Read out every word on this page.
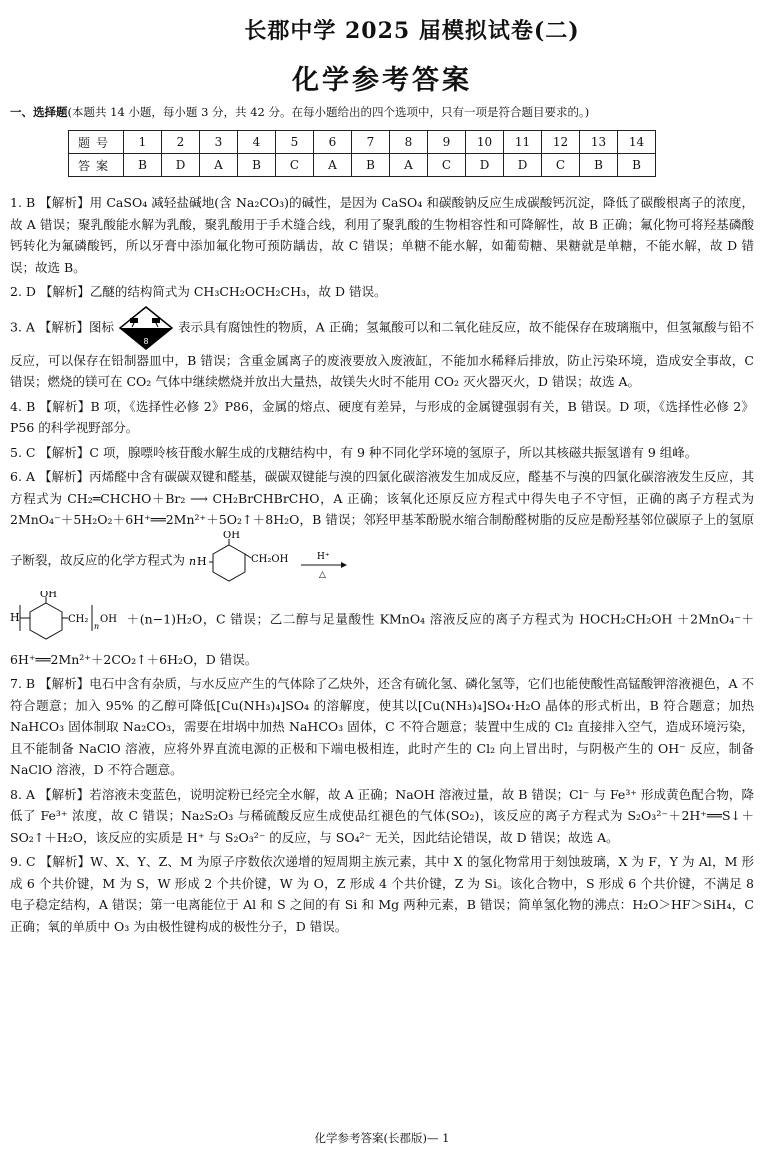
长郡中学 2025 届模拟试卷(二)
化学参考答案
一、选择题(本题共 14 小题，每小题 3 分，共 42 分。在每小题给出的四个选项中，只有一项是符合题目要求的。)
题号	1	2	3	4	5	6	7	8	9	10	11	12	13	14
答案	B	D	A	B	C	A	B	A	C	D	D	C	B	B

1. B 【解析】用 CaSO₄ 减轻盐碱地(含 Na₂CO₃)的碱性，是因为 CaSO₄ 和碳酸钠反应生成碳酸钙沉淀，降低了碳酸根离子的浓度，故 A 错误；聚乳酸能水解为乳酸，聚乳酸用于手术缝合线，利用了聚乳酸的生物相容性和可降解性，故 B 正确；氟化物可将羟基磷酸钙转化为氟磷酸钙，所以牙膏中添加氟化物可预防龋齿，故 C 错误；单糖不能水解，如葡萄糖、果糖就是单糖，不能水解，故 D 错误；故选 B。

2. D 【解析】乙醚的结构简式为 CH₃CH₂OCH₂CH₃，故 D 错误。

3. A 【解析】图标
8
表示具有腐蚀性的物质，A 正确；氢氟酸可以和二氧化硅反应，故不能保存在玻璃瓶中，但氢氟酸与铅不反应，可以保存在铅制器皿中，B 错误；含重金属离子的废液要放入废液缸，不能加水稀释后排放，防止污染环境，造成安全事故，C 错误；燃烧的镁可在 CO₂ 气体中继续燃烧并放出大量热，故镁失火时不能用 CO₂ 灭火器灭火，D 错误；故选 A。

4. B 【解析】B 项，《选择性必修 2》P86，金属的熔点、硬度有差异，与形成的金属键强弱有关，B 错误。D 项，《选择性必修 2》P56 的科学视野部分。

5. C 【解析】C 项，腺嘌呤核苷酸水解生成的戊糖结构中，有 9 种不同化学环境的氢原子，所以其核磁共振氢谱有 9 组峰。

6. A 【解析】丙烯醛中含有碳碳双键和醛基，碳碳双键能与溴的四氯化碳溶液发生加成反应，醛基不与溴的四氯化碳溶液发生反应，其方程式为 CH₂═CHCHO＋Br₂ ⟶ CH₂BrCHBrCHO，A 正确；该氧化还原反应方程式中得失电子不守恒，正确的离子方程式为 2MnO₄⁻＋5H₂O₂＋6H⁺══2Mn²⁺＋5O₂↑＋8H₂O，B 错误；邻羟甲基苯酚脱水缩合制酚醛树脂的反应是酚羟基邻位碳原子上的氢原子断裂，故反应的化学方程式为 n H
OH
CH₂OH	H⁺
△

H
OH
CH₂
n
OH ＋(n−1)H₂O，C 错误；乙二醇与足量酸性 KMnO₄ 溶液反应的离子方程式为 HOCH₂CH₂OH ＋2MnO₄⁻＋6H⁺══2Mn²⁺＋2CO₂↑＋6H₂O，D 错误。

7. B 【解析】电石中含有杂质，与水反应产生的气体除了乙炔外，还含有硫化氢、磷化氢等，它们也能使酸性高锰酸钾溶液褪色，A 不符合题意；加入 95% 的乙醇可降低[Cu(NH₃)₄]SO₄ 的溶解度，使其以[Cu(NH₃)₄]SO₄·H₂O 晶体的形式析出，B 符合题意；加热 NaHCO₃ 固体制取 Na₂CO₃，需要在坩埚中加热 NaHCO₃ 固体，C 不符合题意；装置中生成的 Cl₂ 直接排入空气，造成环境污染，且不能制备 NaClO 溶液，应将外界直流电源的正极和下端电极相连，此时产生的 Cl₂ 向上冒出时，与阴极产生的 OH⁻ 反应，制备 NaClO 溶液，D 不符合题意。

8. A 【解析】若溶液未变蓝色，说明淀粉已经完全水解，故 A 正确；NaOH 溶液过量，故 B 错误；Cl⁻ 与 Fe³⁺ 形成黄色配合物，降低了 Fe³⁺ 浓度，故 C 错误；Na₂S₂O₃ 与稀硫酸反应生成使品红褪色的气体(SO₂)，该反应的离子方程式为 S₂O₃²⁻＋2H⁺══S↓＋SO₂↑＋H₂O，该反应的实质是 H⁺ 与 S₂O₃²⁻ 的反应，与 SO₄²⁻ 无关，因此结论错误，故 D 错误；故选 A。

9. C 【解析】W、X、Y、Z、M 为原子序数依次递增的短周期主族元素，其中 X 的氢化物常用于刻蚀玻璃，X 为 F，Y 为 Al，M 形成 6 个共价键，M 为 S，W 形成 2 个共价键，W 为 O，Z 形成 4 个共价键，Z 为 Si。该化合物中，S 形成 6 个共价键，不满足 8 电子稳定结构，A 错误；第一电离能位于 Al 和 S 之间的有 Si 和 Mg 两种元素，B 错误；简单氢化物的沸点：H₂O＞HF＞SiH₄，C 正确；氧的单质中 O₃ 为由极性键构成的极性分子，D 错误。

化学参考答案(长郡版)— 1
